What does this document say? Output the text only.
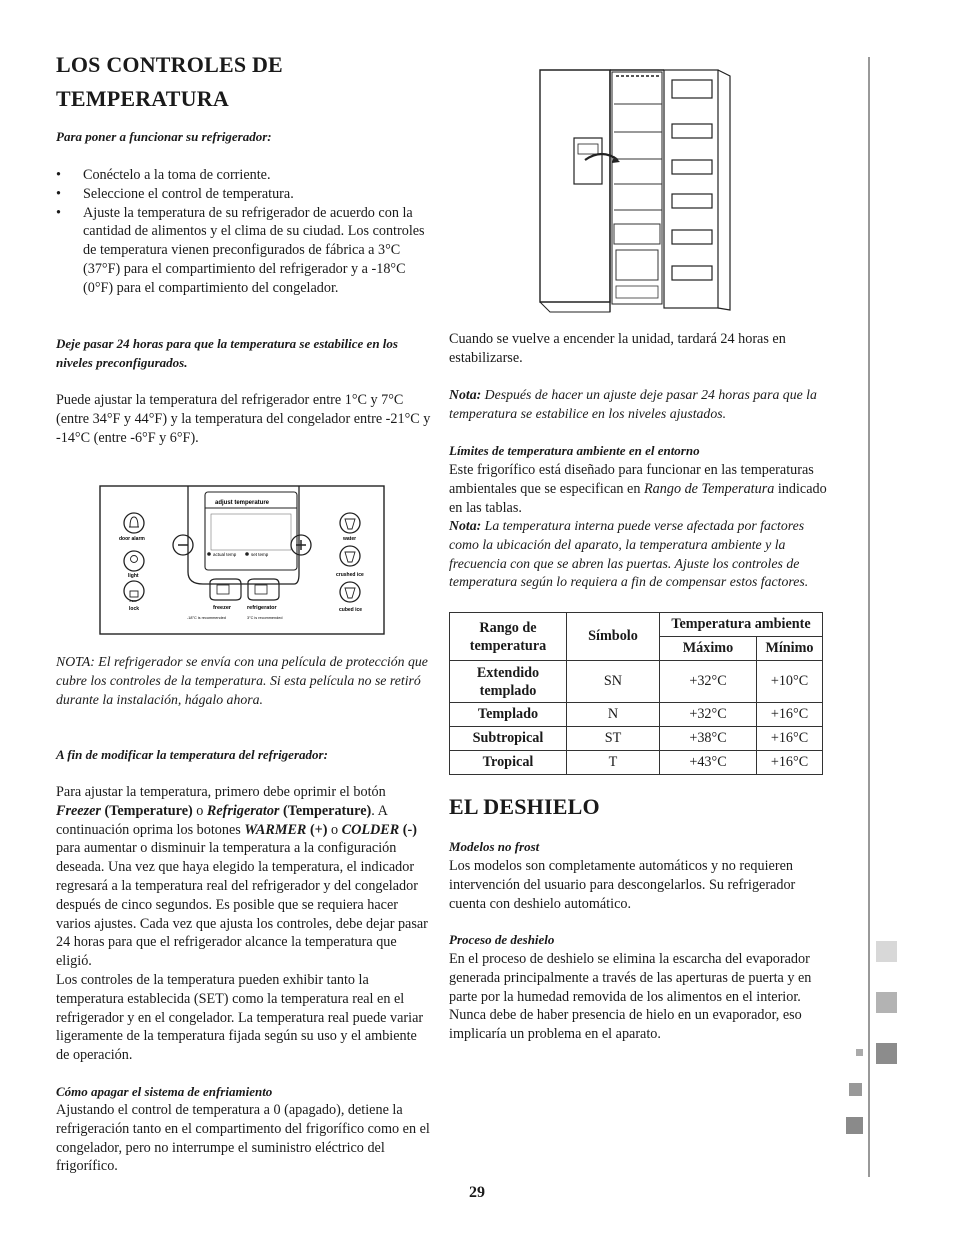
LOS CONTROLES DE
TEMPERATURA
Para poner a funcionar su refrigerador:
• Conéctelo a la toma de corriente.
• Seleccione el control de temperatura.
• Ajuste la temperatura de su refrigerador de acuerdo con la cantidad de alimentos y el clima de su ciudad. Los controles de temperatura vienen preconfigurados de fábrica a 3°C (37°F) para el compartimiento del refrigerador y a -18°C (0°F) para el compartimiento del congelador.
Deje pasar 24 horas para que la temperatura se estabilice en los niveles preconfigurados.
Puede ajustar la temperatura del refrigerador entre 1°C y 7°C (entre 34°F y 44°F) y la temperatura del congelador entre -21°C y -14°C (entre -6°F y 6°F).
adjust temperature
actual temp	set temp
freezer	refrigerator
-18°C is recommended	3°C is recommended
door alarm
light
3 sec
lock
water
crushed ice
cubed ice
NOTA: El refrigerador se envía con una película de protección que cubre los controles de la temperatura. Si esta película no se retiró durante la instalación, hágalo ahora.
A fin de modificar la temperatura del refrigerador:
Para ajustar la temperatura, primero debe oprimir el botón Freezer (Temperature) o Refrigerator (Temperature). A continuación oprima los botones WARMER (+) o COLDER (-) para aumentar o disminuir la temperatura a la configuración deseada. Una vez que haya elegido la temperatura, el indicador regresará a la temperatura real del refrigerador y del congelador después de cinco segundos. Es posible que se requiera hacer varios ajustes. Cada vez que ajusta los controles, debe dejar pasar 24 horas para que el refrigerador alcance la temperatura que eligió.
Los controles de la temperatura pueden exhibir tanto la temperatura establecida (SET) como la temperatura real en el refrigerador y en el congelador. La temperatura real puede variar ligeramente de la temperatura fijada según su uso y el ambiente de operación.
Cómo apagar el sistema de enfriamiento
Ajustando el control de temperatura a 0 (apagado), detiene la refrigeración tanto en el compartimento del frigorífico como en el congelador, pero no interrumpe el suministro eléctrico del frigorífico.
Cuando se vuelve a encender la unidad, tardará 24 horas en estabilizarse.
Nota: Después de hacer un ajuste deje pasar 24 horas para que la temperatura se estabilice en los niveles ajustados.
Límites de temperatura ambiente en el entorno
Este frigorífico está diseñado para funcionar en las temperaturas ambientales que se especifican en Rango de Temperatura indicado en las tablas.
Nota: La temperatura interna puede verse afectada por factores como la ubicación del aparato, la temperatura ambiente y la frecuencia con que se abren las puertas. Ajuste los controles de temperatura según lo requiera a fin de compensar estos factores.
Rango de temperatura	Símbolo	Temperatura ambiente	
		Máximo	Mínimo
Extendido templado	SN	+32°C	+10°C
Templado	N	+32°C	+16°C
Subtropical	ST	+38°C	+16°C
Tropical	T	+43°C	+16°C
EL DESHIELO
Modelos no frost
Los modelos son completamente automáticos y no requieren intervención del usuario para descongelarlos. Su refrigerador cuenta con deshielo automático.
Proceso de deshielo
En el proceso de deshielo se elimina la escarcha del evaporador generada principalmente a través de las aperturas de puerta y en parte por la humedad removida de los alimentos en el interior. Nunca debe de haber presencia de hielo en un evaporador, eso implicaría un problema en el aparato.
29
